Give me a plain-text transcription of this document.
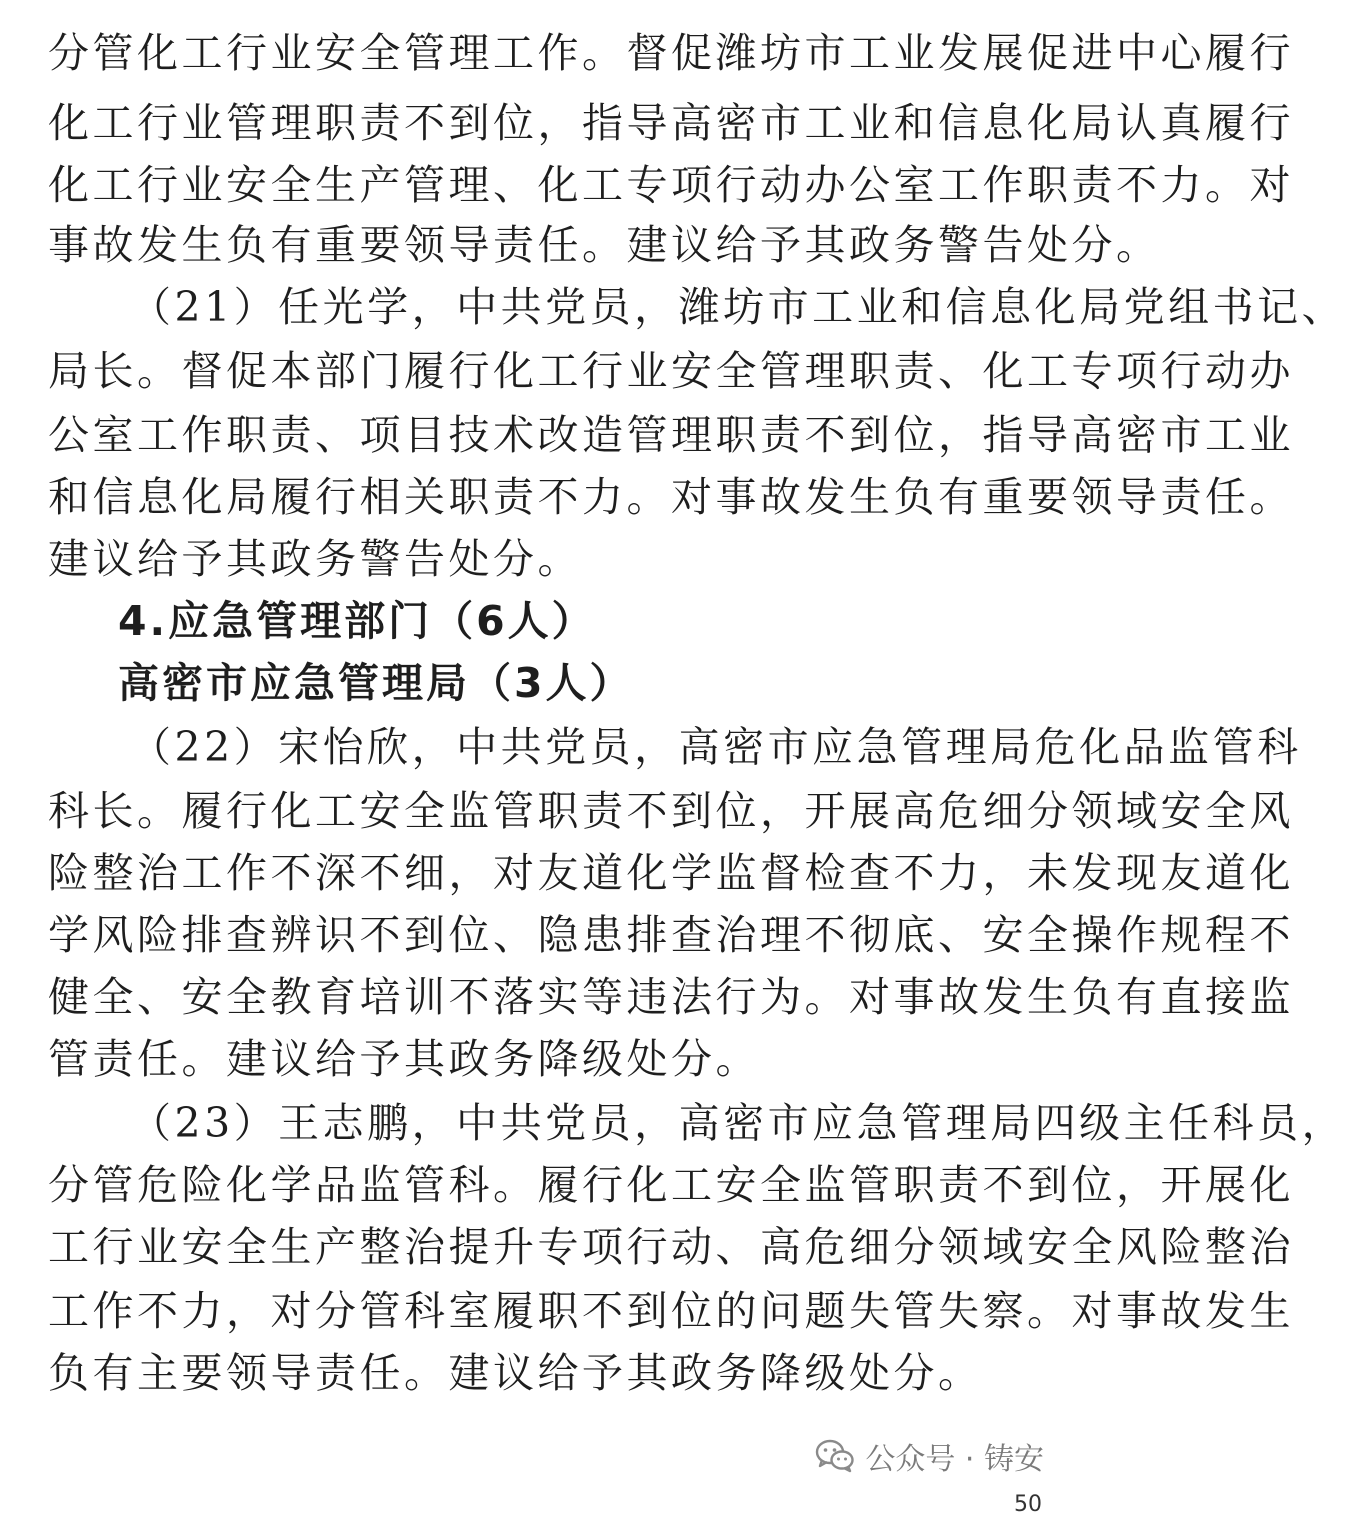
分管化工行业安全管理工作。督促潍坊市工业发展促进中心履行
化工行业管理职责不到位，指导高密市工业和信息化局认真履行
化工行业安全生产管理、化工专项行动办公室工作职责不力。对
事故发生负有重要领导责任。建议给予其政务警告处分。
（21）任光学，中共党员，潍坊市工业和信息化局党组书记、
局长。督促本部门履行化工行业安全管理职责、化工专项行动办
公室工作职责、项目技术改造管理职责不到位，指导高密市工业
和信息化局履行相关职责不力。对事故发生负有重要领导责任。
建议给予其政务警告处分。
4.应急管理部门（6人）
高密市应急管理局（3人）
（22）宋怡欣，中共党员，高密市应急管理局危化品监管科
科长。履行化工安全监管职责不到位，开展高危细分领域安全风
险整治工作不深不细，对友道化学监督检查不力，未发现友道化
学风险排查辨识不到位、隐患排查治理不彻底、安全操作规程不
健全、安全教育培训不落实等违法行为。对事故发生负有直接监
管责任。建议给予其政务降级处分。
（23）王志鹏，中共党员，高密市应急管理局四级主任科员，
分管危险化学品监管科。履行化工安全监管职责不到位，开展化
工行业安全生产整治提升专项行动、高危细分领域安全风险整治
工作不力，对分管科室履职不到位的问题失管失察。对事故发生
负有主要领导责任。建议给予其政务降级处分。
公众号 · 铸安
50
